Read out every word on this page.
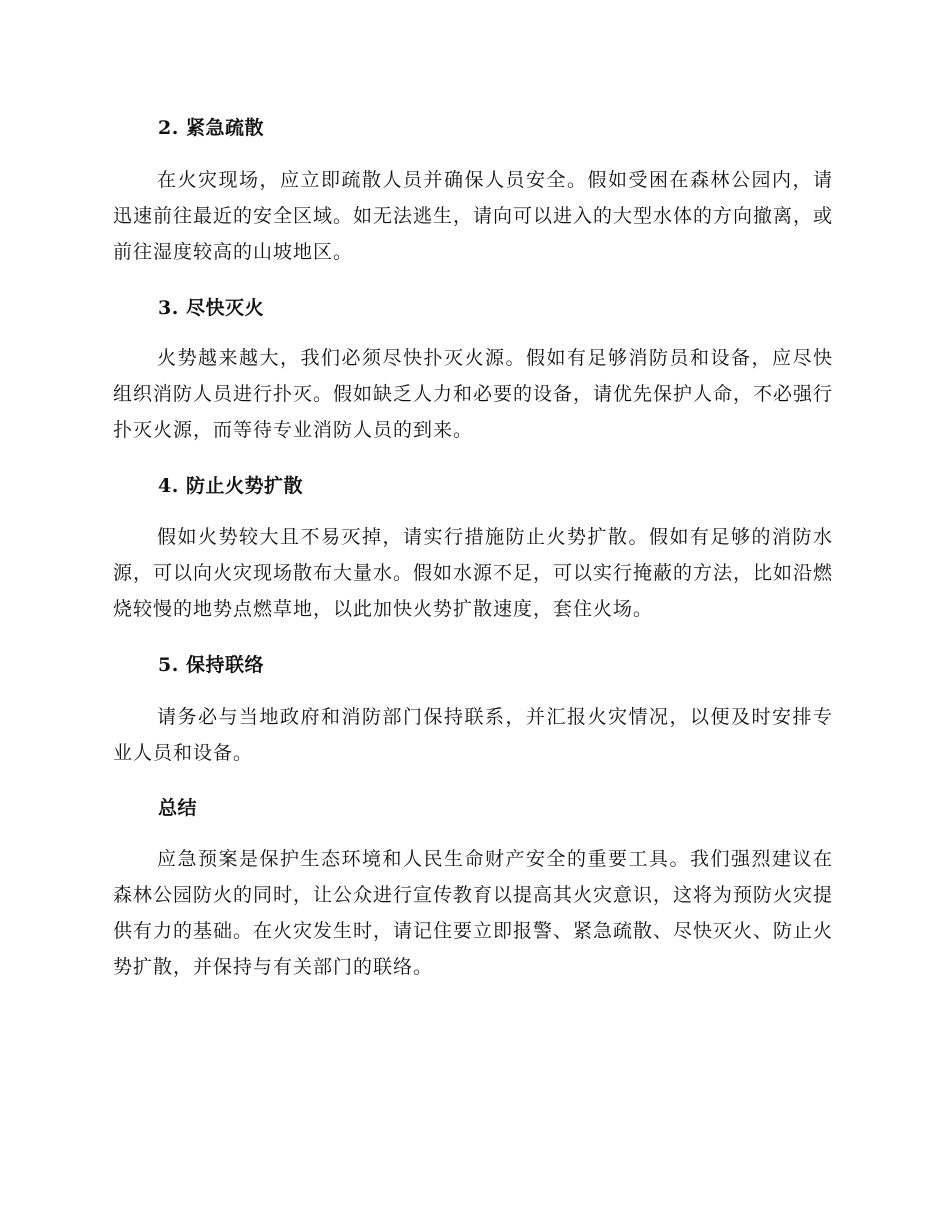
2. 紧急疏散
在火灾现场，应立即疏散人员并确保人员安全。假如受困在森林公园内，请迅速前往最近的安全区域。如无法逃生，请向可以进入的大型水体的方向撤离，或前往湿度较高的山坡地区。
3. 尽快灭火
火势越来越大，我们必须尽快扑灭火源。假如有足够消防员和设备，应尽快组织消防人员进行扑灭。假如缺乏人力和必要的设备，请优先保护人命，不必强行扑灭火源，而等待专业消防人员的到来。
4. 防止火势扩散
假如火势较大且不易灭掉，请实行措施防止火势扩散。假如有足够的消防水源，可以向火灾现场散布大量水。假如水源不足，可以实行掩蔽的方法，比如沿燃烧较慢的地势点燃草地，以此加快火势扩散速度，套住火场。
5. 保持联络
请务必与当地政府和消防部门保持联系，并汇报火灾情况，以便及时安排专业人员和设备。
总结
应急预案是保护生态环境和人民生命财产安全的重要工具。我们强烈建议在森林公园防火的同时，让公众进行宣传教育以提高其火灾意识，这将为预防火灾提供有力的基础。在火灾发生时，请记住要立即报警、紧急疏散、尽快灭火、防止火势扩散，并保持与有关部门的联络。
